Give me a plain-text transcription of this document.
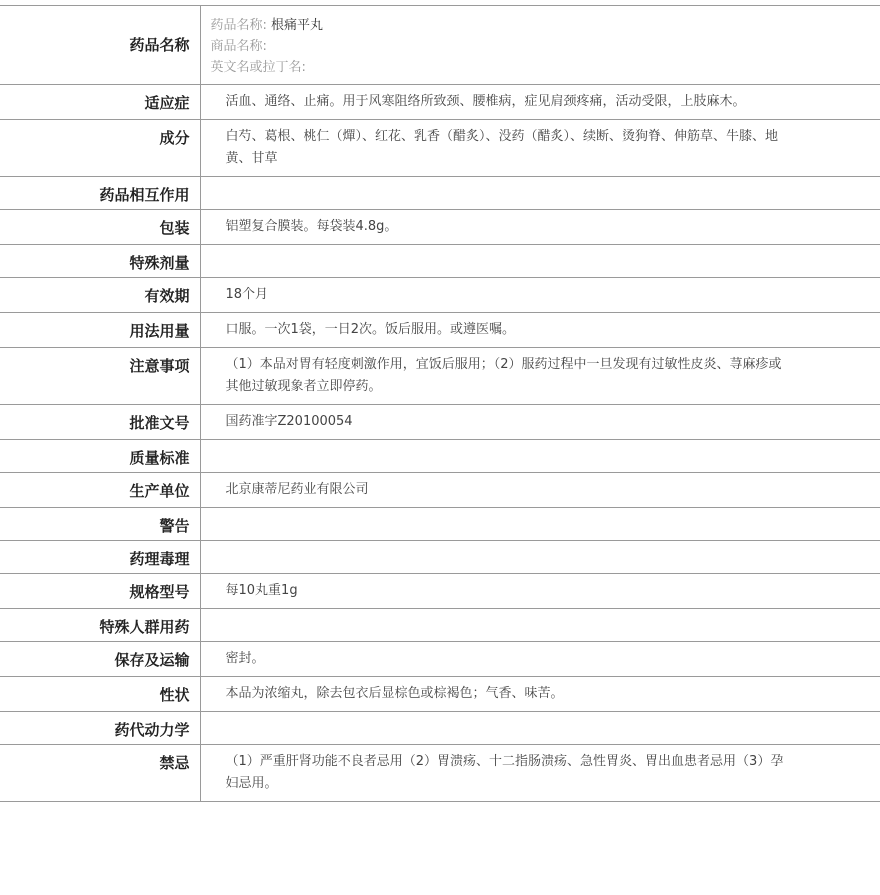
药品名称	药品名称: 根痛平丸
商品名称:
英文名或拉丁名:

适应症	活血、通络、止痛。用于风寒阻络所致颈、腰椎病，症见肩颈疼痛，活动受限，上肢麻木。
成分	白芍、葛根、桃仁（燀）、红花、乳香（醋炙）、没药（醋炙）、续断、烫狗脊、伸筋草、牛膝、地黄、甘草
药品相互作用	
包装	铝塑复合膜装。每袋装4.8g。
特殊剂量	
有效期	18个月
用法用量	口服。一次1袋，一日2次。饭后服用。或遵医嘱。
注意事项	（1）本品对胃有轻度刺激作用，宜饭后服用；（2）服药过程中一旦发现有过敏性皮炎、荨麻疹或其他过敏现象者立即停药。
批准文号	国药准字Z20100054
质量标准	
生产单位	北京康蒂尼药业有限公司
警告	
药理毒理	
规格型号	每10丸重1g
特殊人群用药	
保存及运输	密封。
性状	本品为浓缩丸，除去包衣后显棕色或棕褐色；气香、味苦。
药代动力学	
禁忌	（1）严重肝肾功能不良者忌用（2）胃溃疡、十二指肠溃疡、急性胃炎、胃出血患者忌用（3）孕妇忌用。
